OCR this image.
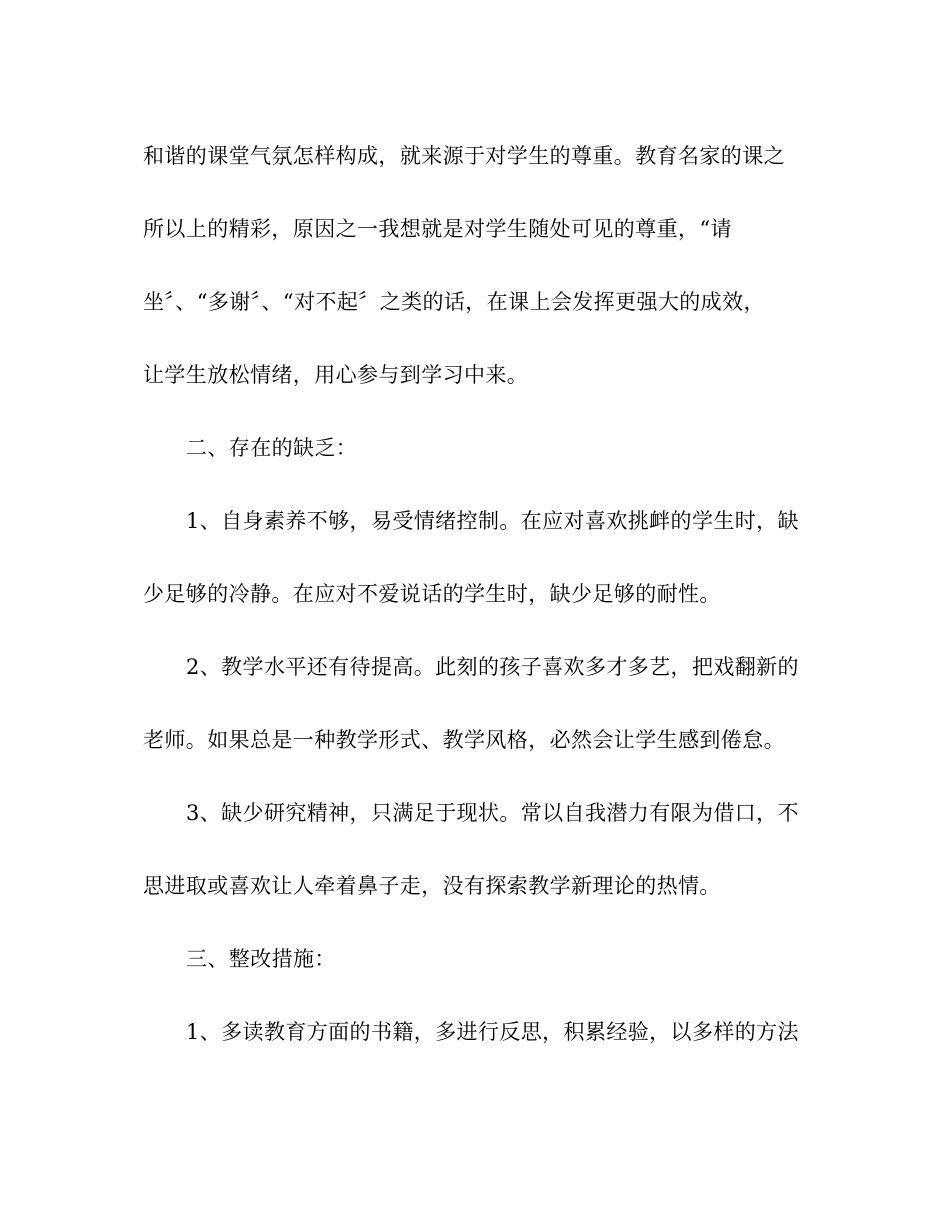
和谐的课堂气氛怎样构成，就来源于对学生的尊重。教育名家的课之
所以上的精彩，原因之一我想就是对学生随处可见的尊重，“请
坐〞、“多谢〞、“对不起〞之类的话，在课上会发挥更强大的成效，
让学生放松情绪，用心参与到学习中来。
二、存在的缺乏：
1、自身素养不够，易受情绪控制。在应对喜欢挑衅的学生时，缺
少足够的冷静。在应对不爱说话的学生时，缺少足够的耐性。
2、教学水平还有待提高。此刻的孩子喜欢多才多艺，把戏翻新的
老师。如果总是一种教学形式、教学风格，必然会让学生感到倦怠。
3、缺少研究精神，只满足于现状。常以自我潜力有限为借口，不
思进取或喜欢让人牵着鼻子走，没有探索教学新理论的热情。
三、整改措施：
1、多读教育方面的书籍，多进行反思，积累经验，以多样的方法
